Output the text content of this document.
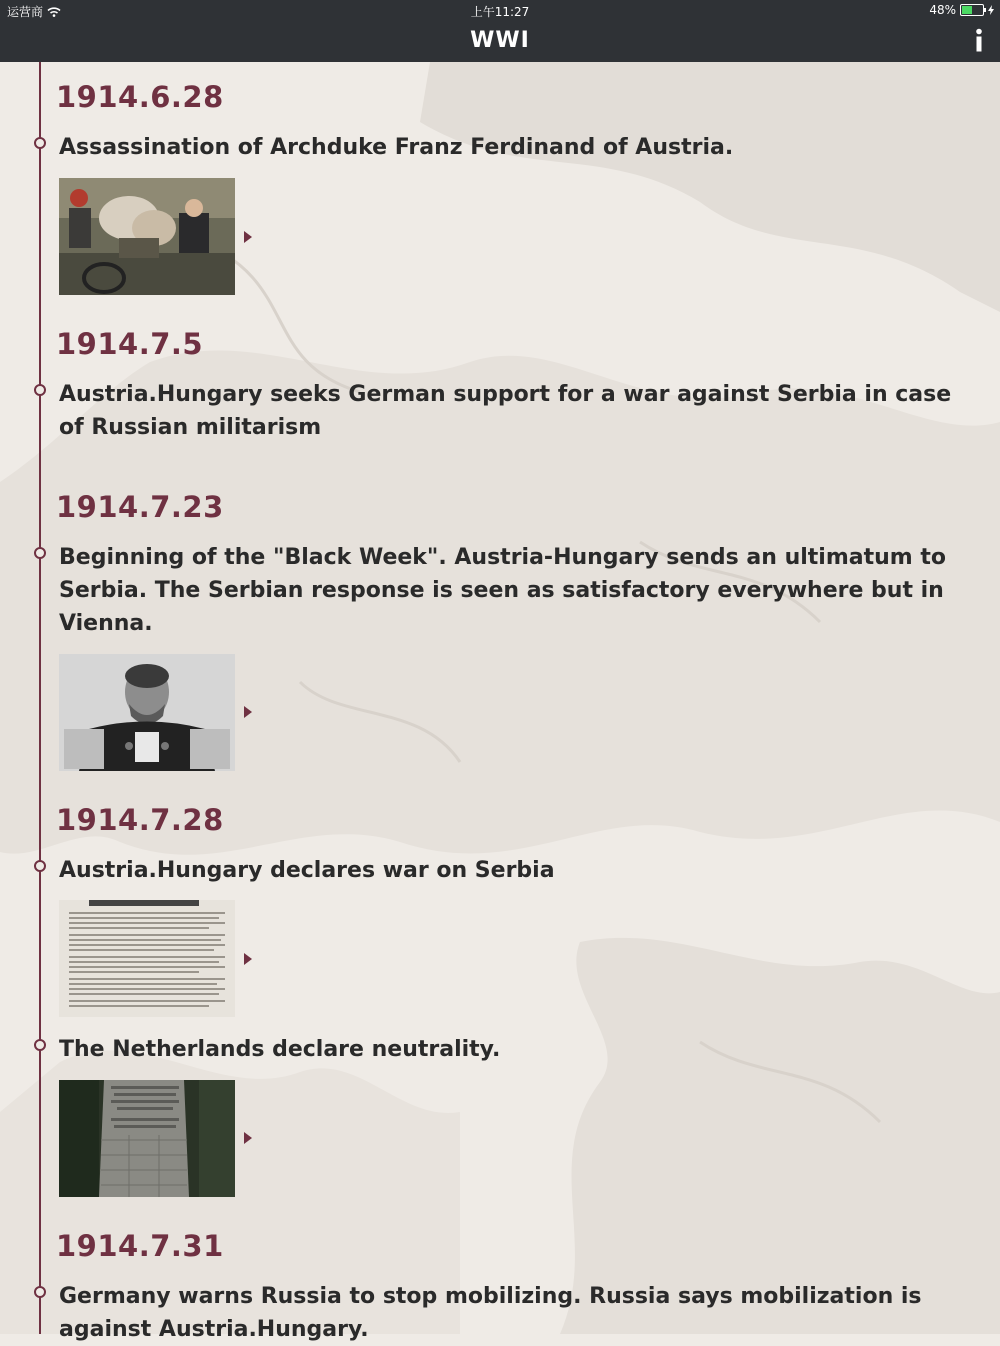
运营商	上午11:27	48%
WWI
1914.6.28
Assassination of Archduke Franz Ferdinand of Austria.
1914.7.5
Austria.Hungary seeks German support for a war against Serbia in case of Russian militarism
1914.7.23
Beginning of the "Black Week". Austria-Hungary sends an ultimatum to Serbia. The Serbian response is seen as satisfactory everywhere but in Vienna.
1914.7.28
Austria.Hungary declares war on Serbia
The Netherlands declare neutrality.
1914.7.31
Germany warns Russia to stop mobilizing. Russia says mobilization is against Austria.Hungary.
